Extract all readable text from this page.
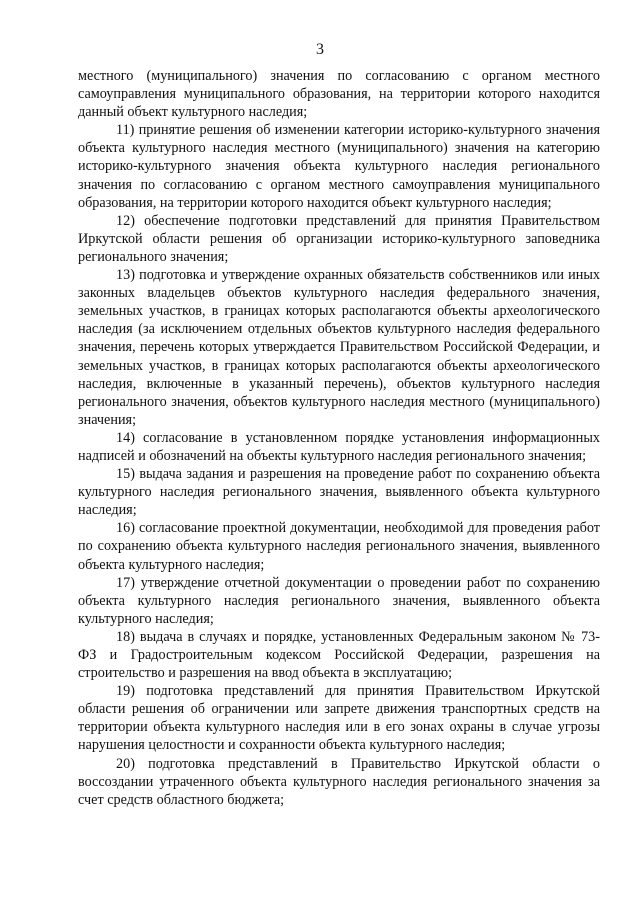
3

местного (муниципального) значения по согласованию с органом местного самоуправления муниципального образования, на территории которого находится данный объект культурного наследия;

11) принятие решения об изменении категории историко-культурного значения объекта культурного наследия местного (муниципального) значения на категорию историко-культурного значения объекта культурного наследия регионального значения по согласованию с органом местного самоуправления муниципального образования, на территории которого находится объект культурного наследия;

12) обеспечение подготовки представлений для принятия Правительством Иркутской области решения об организации историко-культурного заповедника регионального значения;

13) подготовка и утверждение охранных обязательств собственников или иных законных владельцев объектов культурного наследия федерального значения, земельных участков, в границах которых располагаются объекты археологического наследия (за исключением отдельных объектов культурного наследия федерального значения, перечень которых утверждается Правительством Российской Федерации, и земельных участков, в границах которых располагаются объекты археологического наследия, включенные в указанный перечень), объектов культурного наследия регионального значения, объектов культурного наследия местного (муниципального) значения;

14) согласование в установленном порядке установления информационных надписей и обозначений на объекты культурного наследия регионального значения;

15) выдача задания и разрешения на проведение работ по сохранению объекта культурного наследия регионального значения, выявленного объекта культурного наследия;

16) согласование проектной документации, необходимой для проведения работ по сохранению объекта культурного наследия регионального значения, выявленного объекта культурного наследия;

17) утверждение отчетной документации о проведении работ по сохранению объекта культурного наследия регионального значения, выявленного объекта культурного наследия;

18) выдача в случаях и порядке, установленных Федеральным законом № 73-ФЗ и Градостроительным кодексом Российской Федерации, разрешения на строительство и разрешения на ввод объекта в эксплуатацию;

19) подготовка представлений для принятия Правительством Иркутской области решения об ограничении или запрете движения транспортных средств на территории объекта культурного наследия или в его зонах охраны в случае угрозы нарушения целостности и сохранности объекта культурного наследия;

20) подготовка представлений в Правительство Иркутской области о воссоздании утраченного объекта культурного наследия регионального значения за счет средств областного бюджета;
